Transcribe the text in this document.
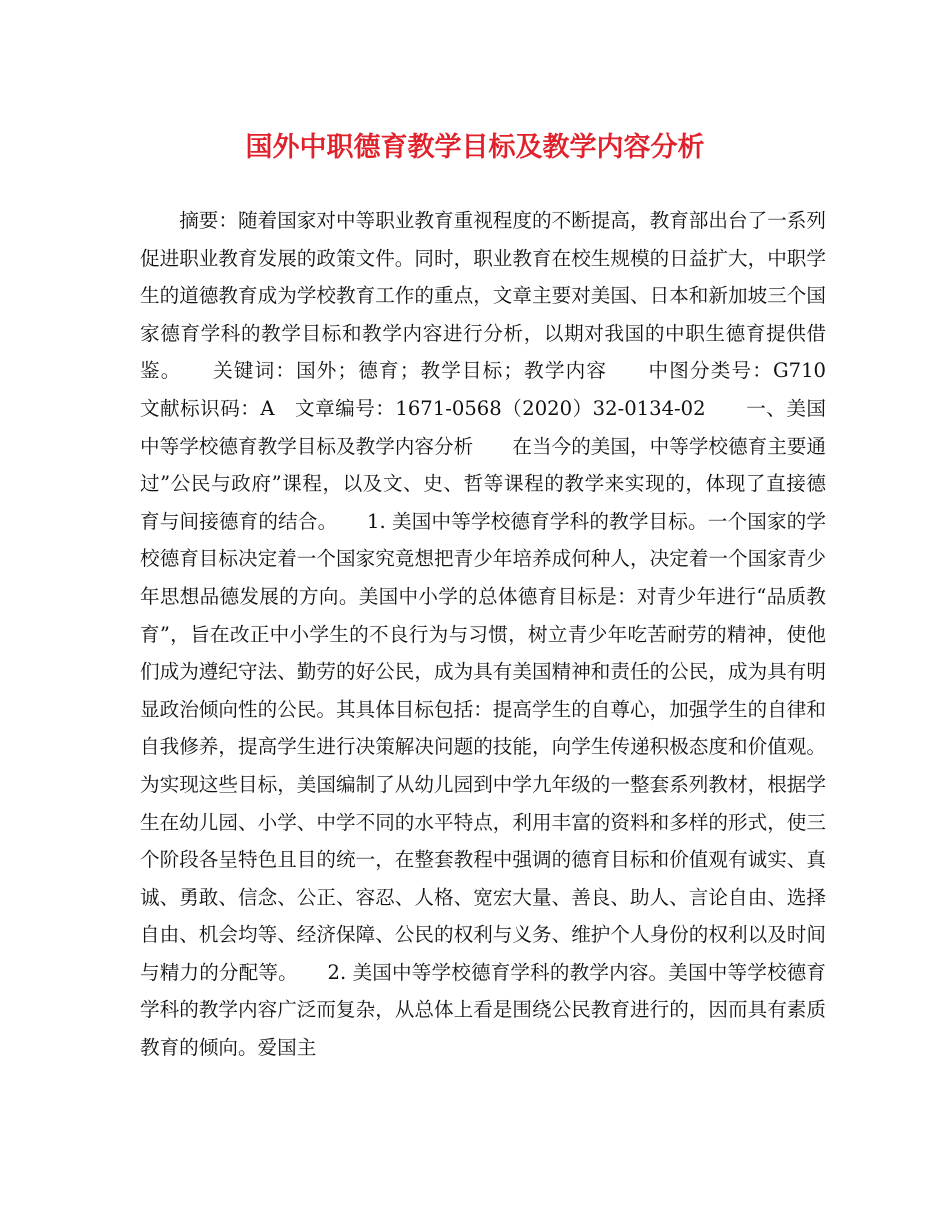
国外中职德育教学目标及教学内容分析

摘要：随着国家对中等职业教育重视程度的不断提高，教育部出台了一系列促进职业教育发展的政策文件。同时，职业教育在校生规模的日益扩大，中职学生的道德教育成为学校教育工作的重点，文章主要对美国、日本和新加坡三个国家德育学科的教学目标和教学内容进行分析，以期对我国的中职生德育提供借鉴。　　关键词：国外；德育；教学目标；教学内容　　中图分类号：G710　文献标识码：A　文章编号：1671-0568（2020）32-0134-02　　一、美国中等学校德育教学目标及教学内容分析　　在当今的美国，中等学校德育主要通过”公民与政府”课程，以及文、史、哲等课程的教学来实现的，体现了直接德育与间接德育的结合。　　1. 美国中等学校德育学科的教学目标。一个国家的学校德育目标决定着一个国家究竟想把青少年培养成何种人，决定着一个国家青少年思想品德发展的方向。美国中小学的总体德育目标是：对青少年进行“品质教育”，旨在改正中小学生的不良行为与习惯，树立青少年吃苦耐劳的精神，使他们成为遵纪守法、勤劳的好公民，成为具有美国精神和责任的公民，成为具有明显政治倾向性的公民。其具体目标包括：提高学生的自尊心，加强学生的自律和自我修养，提高学生进行决策解决问题的技能，向学生传递积极态度和价值观。为实现这些目标，美国编制了从幼儿园到中学九年级的一整套系列教材，根据学生在幼儿园、小学、中学不同的水平特点，利用丰富的资料和多样的形式，使三个阶段各呈特色且目的统一，在整套教程中强调的德育目标和价值观有诚实、真诚、勇敢、信念、公正、容忍、人格、宽宏大量、善良、助人、言论自由、选择自由、机会均等、经济保障、公民的权利与义务、维护个人身份的权利以及时间与精力的分配等。　　2. 美国中等学校德育学科的教学内容。美国中等学校德育学科的教学内容广泛而复杂，从总体上看是围绕公民教育进行的，因而具有素质教育的倾向。爱国主
